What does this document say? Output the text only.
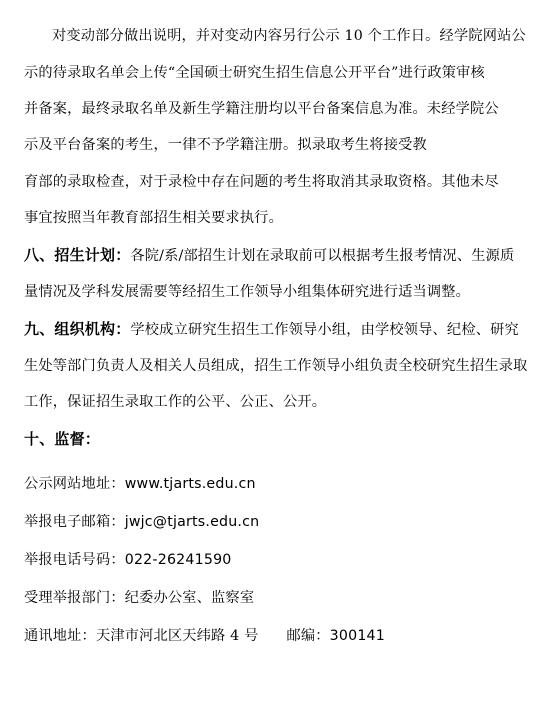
对变动部分做出说明，并对变动内容另行公示 10 个工作日。经学院网站公
示的待录取名单会上传“全国硕士研究生招生信息公开平台”进行政策审核
并备案，最终录取名单及新生学籍注册均以平台备案信息为准。未经学院公
示及平台备案的考生，一律不予学籍注册。拟录取考生将接受教
育部的录取检查，对于录检中存在问题的考生将取消其录取资格。其他未尽
事宜按照当年教育部招生相关要求执行。
八、招生计划：各院/系/部招生计划在录取前可以根据考生报考情况、生源质
量情况及学科发展需要等经招生工作领导小组集体研究进行适当调整。
九、组织机构：学校成立研究生招生工作领导小组，由学校领导、纪检、研究
生处等部门负责人及相关人员组成，招生工作领导小组负责全校研究生招生录取
工作，保证招生录取工作的公平、公正、公开。
十、监督：
公示网站地址：www.tjarts.edu.cn
举报电子邮箱：jwjc@tjarts.edu.cn
举报电话号码：022-26241590
受理举报部门：纪委办公室、监察室
通讯地址：天津市河北区天纬路 4 号 邮编：300141
